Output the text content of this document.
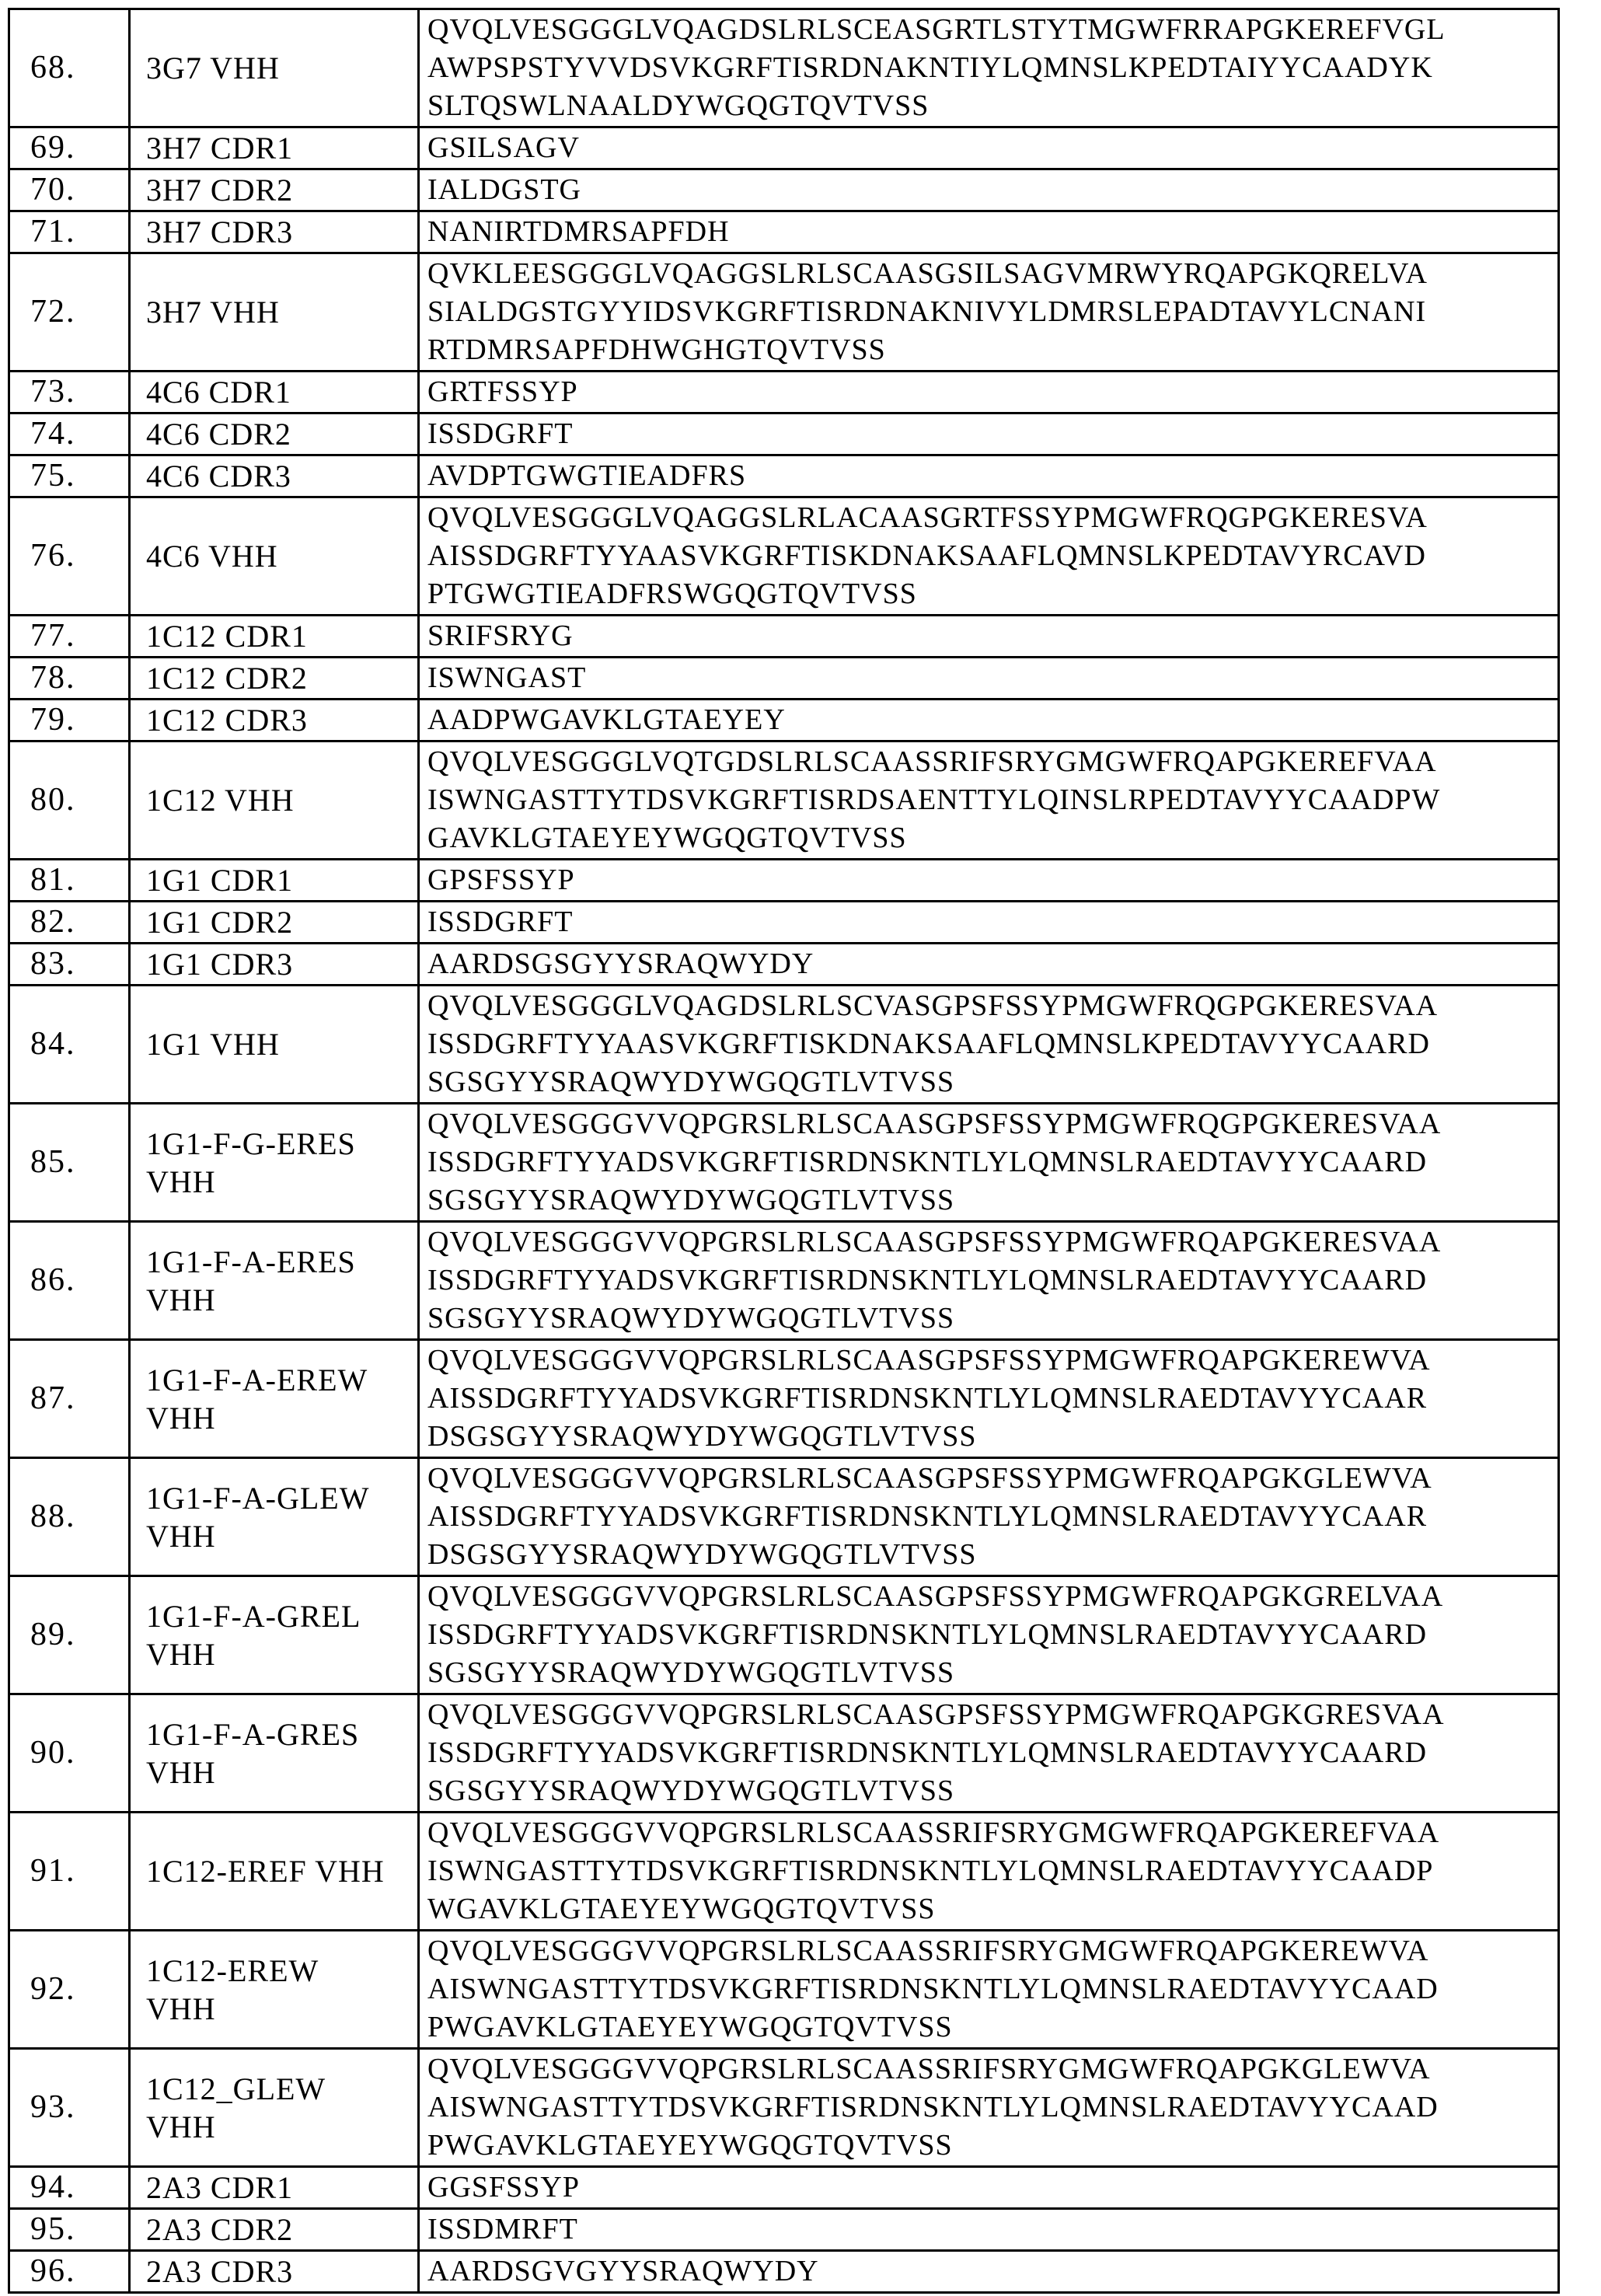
68.	3G7 VHH	QVQLVESGGGLVQAGDSLRLSCEASGRTLSTYTMGWFRRAPGKEREFVGL
AWPSPSTYVVDSVKGRFTISRDNAKNTIYLQMNSLKPEDTAIYYCAADYK
SLTQSWLNAALDYWGQGTQVTVSS
69.	3H7 CDR1	GSILSAGV
70.	3H7 CDR2	IALDGSTG
71.	3H7 CDR3	NANIRTDMRSAPFDH
72.	3H7 VHH	QVKLEESGGGLVQAGGSLRLSCAASGSILSAGVMRWYRQAPGKQRELVA
SIALDGSTGYYIDSVKGRFTISRDNAKNIVYLDMRSLEPADTAVYLCNANI
RTDMRSAPFDHWGHGTQVTVSS
73.	4C6 CDR1	GRTFSSYP
74.	4C6 CDR2	ISSDGRFT
75.	4C6 CDR3	AVDPTGWGTIEADFRS
76.	4C6 VHH	QVQLVESGGGLVQAGGSLRLACAASGRTFSSYPMGWFRQGPGKERESVA
AISSDGRFTYYAASVKGRFTISKDNAKSAAFLQMNSLKPEDTAVYRCAVD
PTGWGTIEADFRSWGQGTQVTVSS
77.	1C12 CDR1	SRIFSRYG
78.	1C12 CDR2	ISWNGAST
79.	1C12 CDR3	AADPWGAVKLGTAEYEY
80.	1C12 VHH	QVQLVESGGGLVQTGDSLRLSCAASSRIFSRYGMGWFRQAPGKEREFVAA
ISWNGASTTYTDSVKGRFTISRDSAENTTYLQINSLRPEDTAVYYCAADPW
GAVKLGTAEYEYWGQGTQVTVSS
81.	1G1 CDR1	GPSFSSYP
82.	1G1 CDR2	ISSDGRFT
83.	1G1 CDR3	AARDSGSGYYSRAQWYDY
84.	1G1 VHH	QVQLVESGGGLVQAGDSLRLSCVASGPSFSSYPMGWFRQGPGKERESVAA
ISSDGRFTYYAASVKGRFTISKDNAKSAAFLQMNSLKPEDTAVYYCAARD
SGSGYYSRAQWYDYWGQGTLVTVSS
85.	1G1-F-G-ERES
VHH	QVQLVESGGGVVQPGRSLRLSCAASGPSFSSYPMGWFRQGPGKERESVAA
ISSDGRFTYYADSVKGRFTISRDNSKNTLYLQMNSLRAEDTAVYYCAARD
SGSGYYSRAQWYDYWGQGTLVTVSS
86.	1G1-F-A-ERES
VHH	QVQLVESGGGVVQPGRSLRLSCAASGPSFSSYPMGWFRQAPGKERESVAA
ISSDGRFTYYADSVKGRFTISRDNSKNTLYLQMNSLRAEDTAVYYCAARD
SGSGYYSRAQWYDYWGQGTLVTVSS
87.	1G1-F-A-EREW
VHH	QVQLVESGGGVVQPGRSLRLSCAASGPSFSSYPMGWFRQAPGKEREWVA
AISSDGRFTYYADSVKGRFTISRDNSKNTLYLQMNSLRAEDTAVYYCAAR
DSGSGYYSRAQWYDYWGQGTLVTVSS
88.	1G1-F-A-GLEW
VHH	QVQLVESGGGVVQPGRSLRLSCAASGPSFSSYPMGWFRQAPGKGLEWVA
AISSDGRFTYYADSVKGRFTISRDNSKNTLYLQMNSLRAEDTAVYYCAAR
DSGSGYYSRAQWYDYWGQGTLVTVSS
89.	1G1-F-A-GREL
VHH	QVQLVESGGGVVQPGRSLRLSCAASGPSFSSYPMGWFRQAPGKGRELVAA
ISSDGRFTYYADSVKGRFTISRDNSKNTLYLQMNSLRAEDTAVYYCAARD
SGSGYYSRAQWYDYWGQGTLVTVSS
90.	1G1-F-A-GRES
VHH	QVQLVESGGGVVQPGRSLRLSCAASGPSFSSYPMGWFRQAPGKGRESVAA
ISSDGRFTYYADSVKGRFTISRDNSKNTLYLQMNSLRAEDTAVYYCAARD
SGSGYYSRAQWYDYWGQGTLVTVSS
91.	1C12-EREF VHH	QVQLVESGGGVVQPGRSLRLSCAASSRIFSRYGMGWFRQAPGKEREFVAA
ISWNGASTTYTDSVKGRFTISRDNSKNTLYLQMNSLRAEDTAVYYCAADP
WGAVKLGTAEYEYWGQGTQVTVSS
92.	1C12-EREW
VHH	QVQLVESGGGVVQPGRSLRLSCAASSRIFSRYGMGWFRQAPGKEREWVA
AISWNGASTTYTDSVKGRFTISRDNSKNTLYLQMNSLRAEDTAVYYCAAD
PWGAVKLGTAEYEYWGQGTQVTVSS
93.	1C12_GLEW
VHH	QVQLVESGGGVVQPGRSLRLSCAASSRIFSRYGMGWFRQAPGKGLEWVA
AISWNGASTTYTDSVKGRFTISRDNSKNTLYLQMNSLRAEDTAVYYCAAD
PWGAVKLGTAEYEYWGQGTQVTVSS
94.	2A3 CDR1	GGSFSSYP
95.	2A3 CDR2	ISSDMRFT
96.	2A3 CDR3	AARDSGVGYYSRAQWYDY
